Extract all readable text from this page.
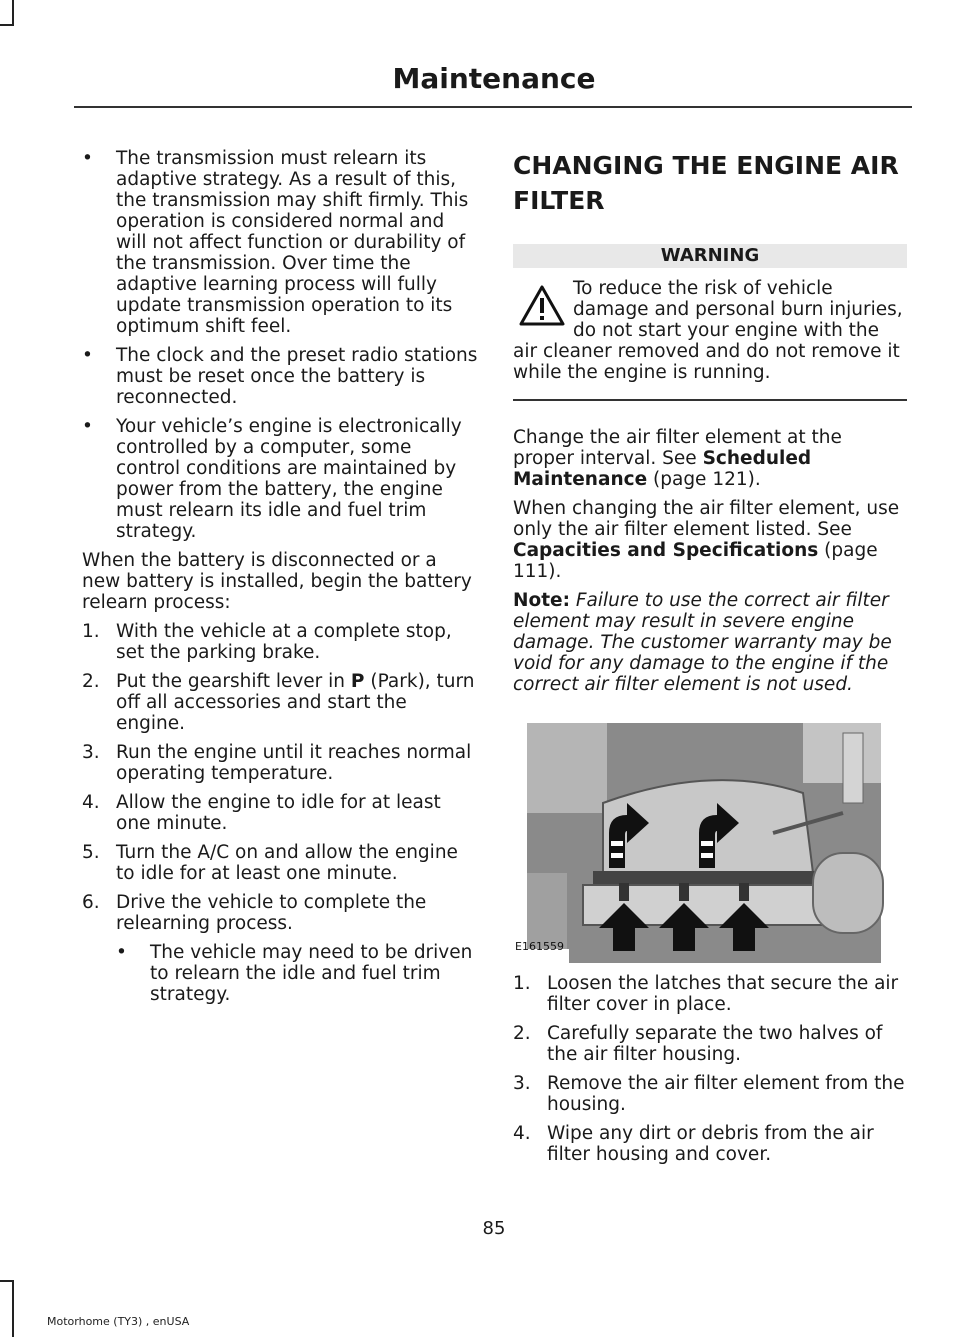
Maintenance
• The transmission must relearn its adaptive strategy. As a result of this, the transmission may shift firmly. This operation is considered normal and will not affect function or durability of the transmission. Over time the adaptive learning process will fully update transmission operation to its optimum shift feel.
• The clock and the preset radio stations must be reset once the battery is reconnected.
• Your vehicle’s engine is electronically controlled by a computer, some control conditions are maintained by power from the battery, the engine must relearn its idle and fuel trim strategy.

When the battery is disconnected or a new battery is installed, begin the battery relearn process:

1. With the vehicle at a complete stop, set the parking brake.
2. Put the gearshift lever in P (Park), turn off all accessories and start the engine.
3. Run the engine until it reaches normal operating temperature.
4. Allow the engine to idle for at least one minute.
5. Turn the A/C on and allow the engine to idle for at least one minute.
6. Drive the vehicle to complete the relearning process.
• The vehicle may need to be driven to relearn the idle and fuel trim strategy.
CHANGING THE ENGINE AIR
FILTER
WARNING
To reduce the risk of vehicle damage and personal burn injuries, do not start your engine with the air cleaner removed and do not remove it while the engine is running.

Change the air filter element at the proper interval. See Scheduled Maintenance (page 121).

When changing the air filter element, use only the air filter element listed. See Capacities and Specifications (page 111).

Note: Failure to use the correct air filter element may result in severe engine damage. The customer warranty may be void for any damage to the engine if the correct air filter element is not used.

E161559
1. Loosen the latches that secure the air filter cover in place.
2. Carefully separate the two halves of the air filter housing.
3. Remove the air filter element from the housing.
4. Wipe any dirt or debris from the air filter housing and cover.
85
Motorhome (TY3) , enUSA
